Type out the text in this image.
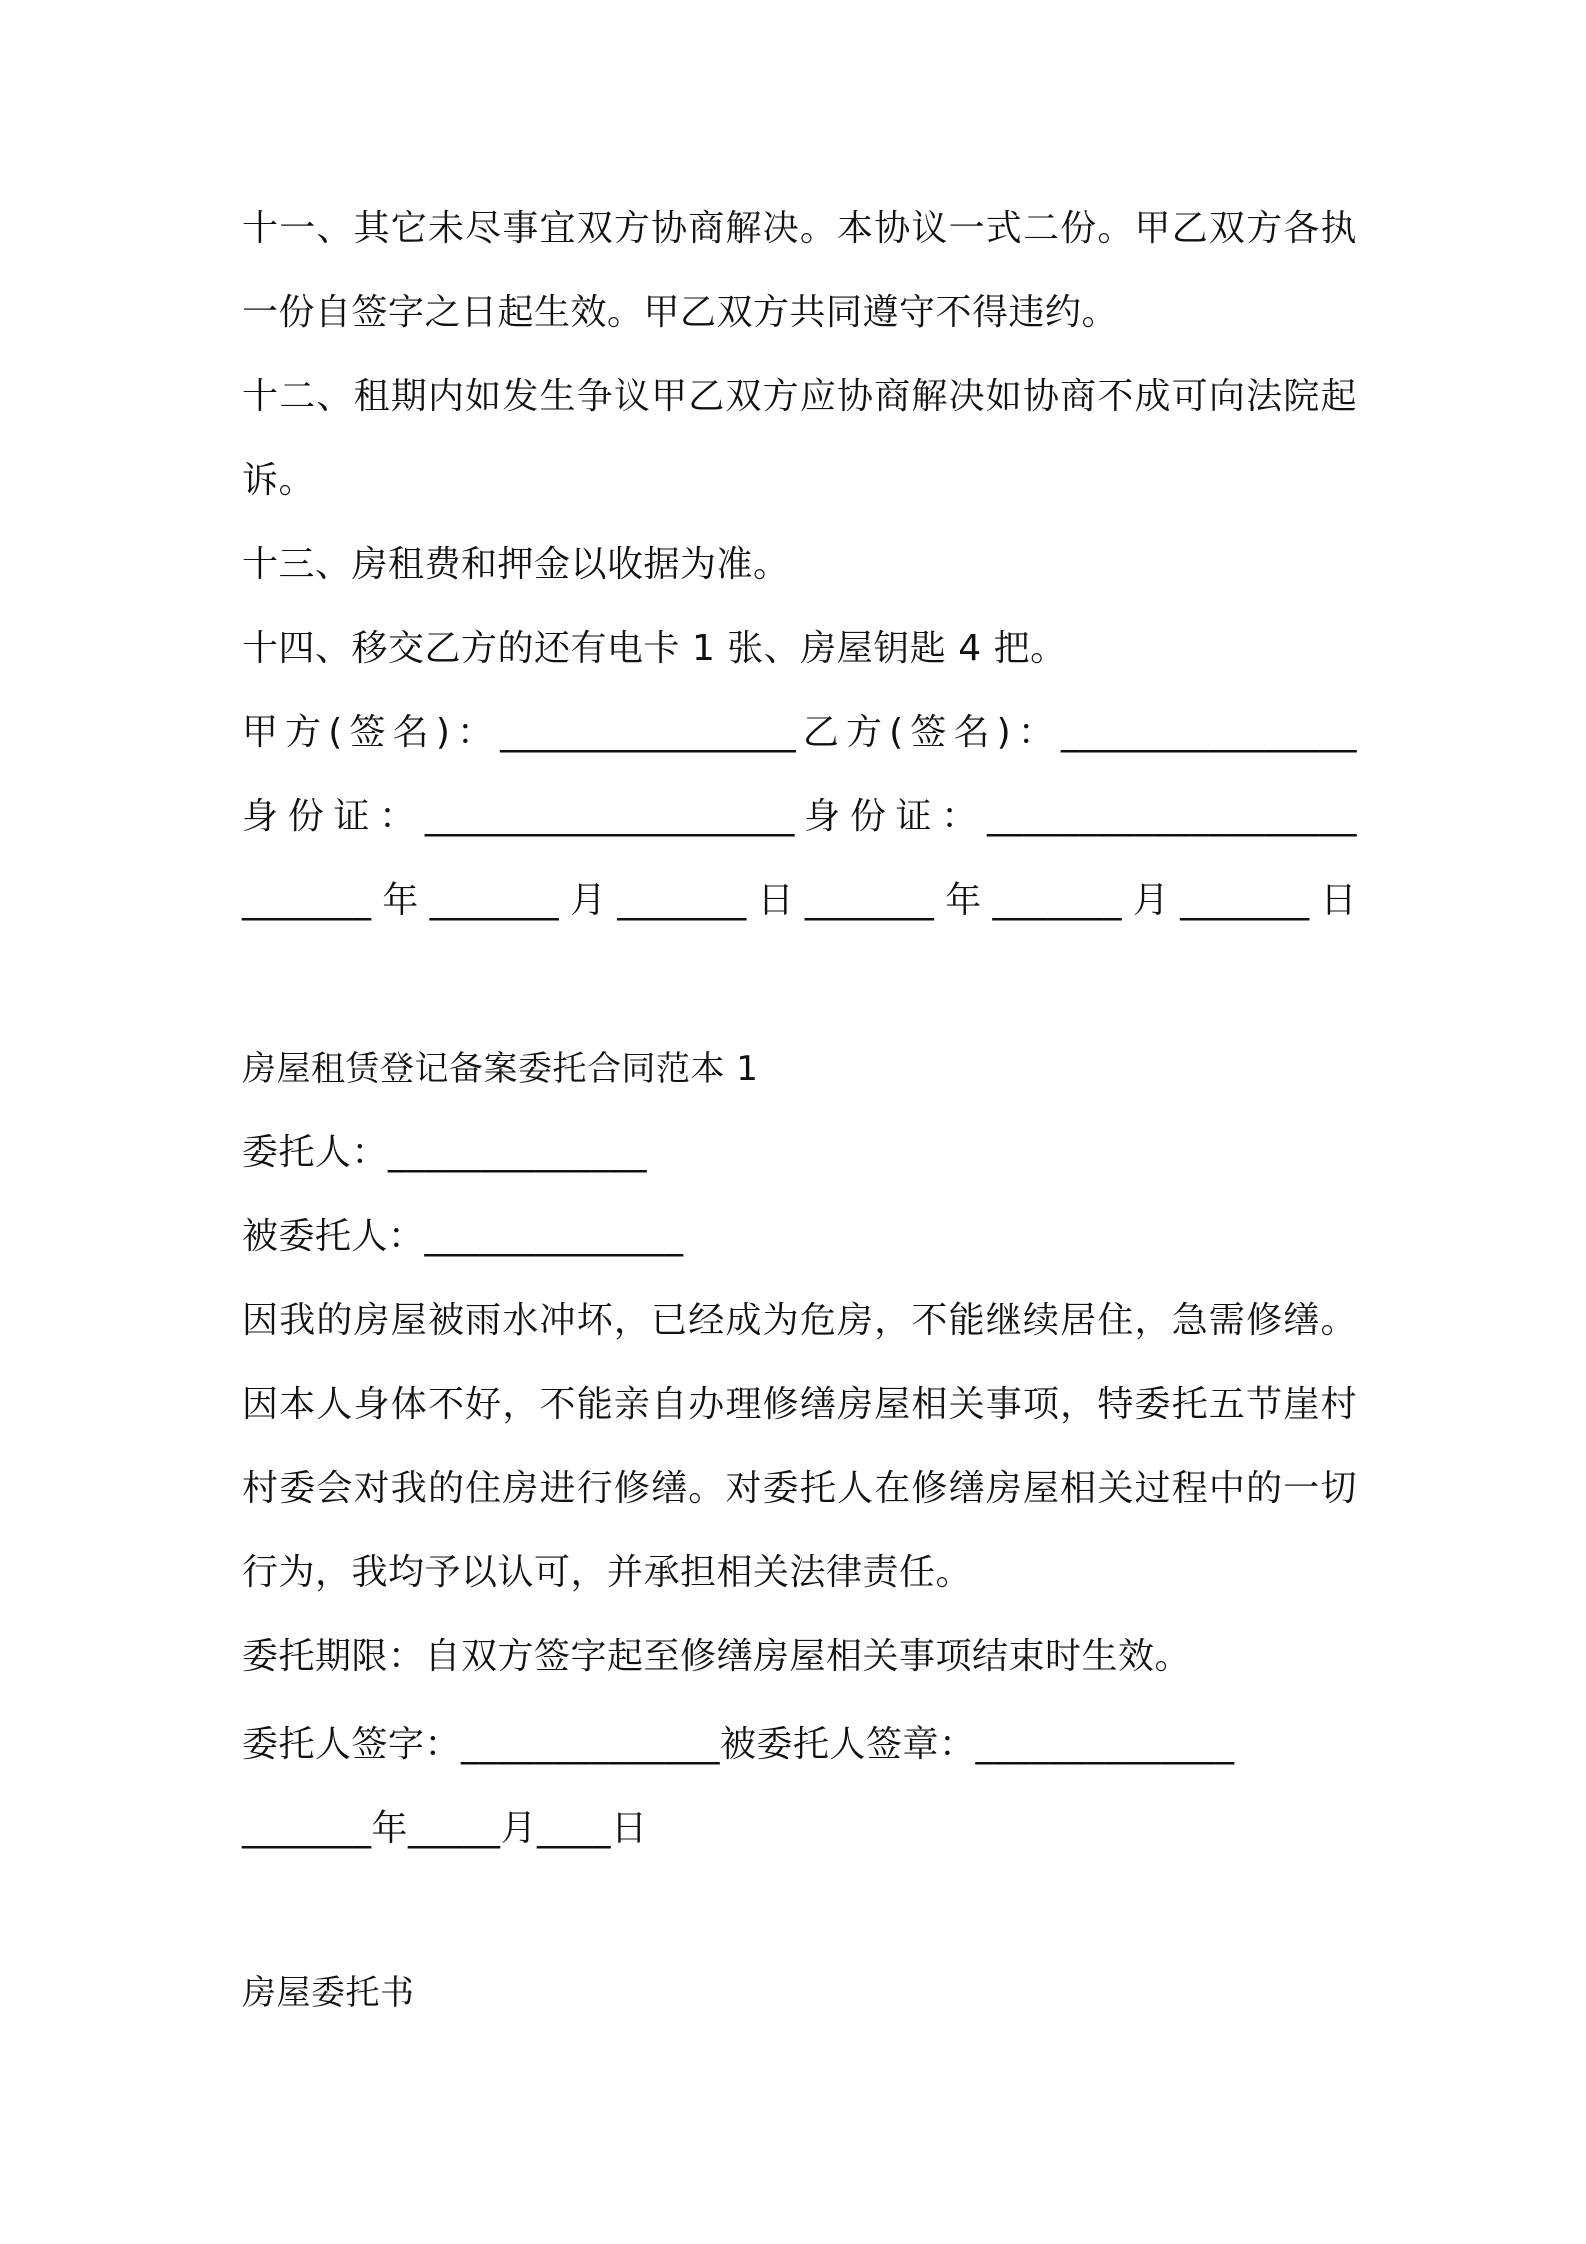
十一、其它未尽事宜双方协商解决。本协议一式二份。甲乙双方各执
一份自签字之日起生效。甲乙双方共同遵守不得违约。
十二、租期内如发生争议甲乙双方应协商解决如协商不成可向法院起
诉。
十三、房租费和押金以收据为准。
十四、移交乙方的还有电卡 1 张、房屋钥匙 4 把。
甲方(签名)：________________乙方(签名)：________________
身份证：____________________身份证：____________________
_______年_______月_______日_______年_______月_______日
房屋租赁登记备案委托合同范本 1
委托人：______________
被委托人：______________
因我的房屋被雨水冲坏，已经成为危房，不能继续居住，急需修缮。
因本人身体不好，不能亲自办理修缮房屋相关事项，特委托五节崖村
村委会对我的住房进行修缮。对委托人在修缮房屋相关过程中的一切
行为，我均予以认可，并承担相关法律责任。
委托期限：自双方签字起至修缮房屋相关事项结束时生效。
委托人签字：______________被委托人签章：______________
_______年_____月____日
房屋委托书
